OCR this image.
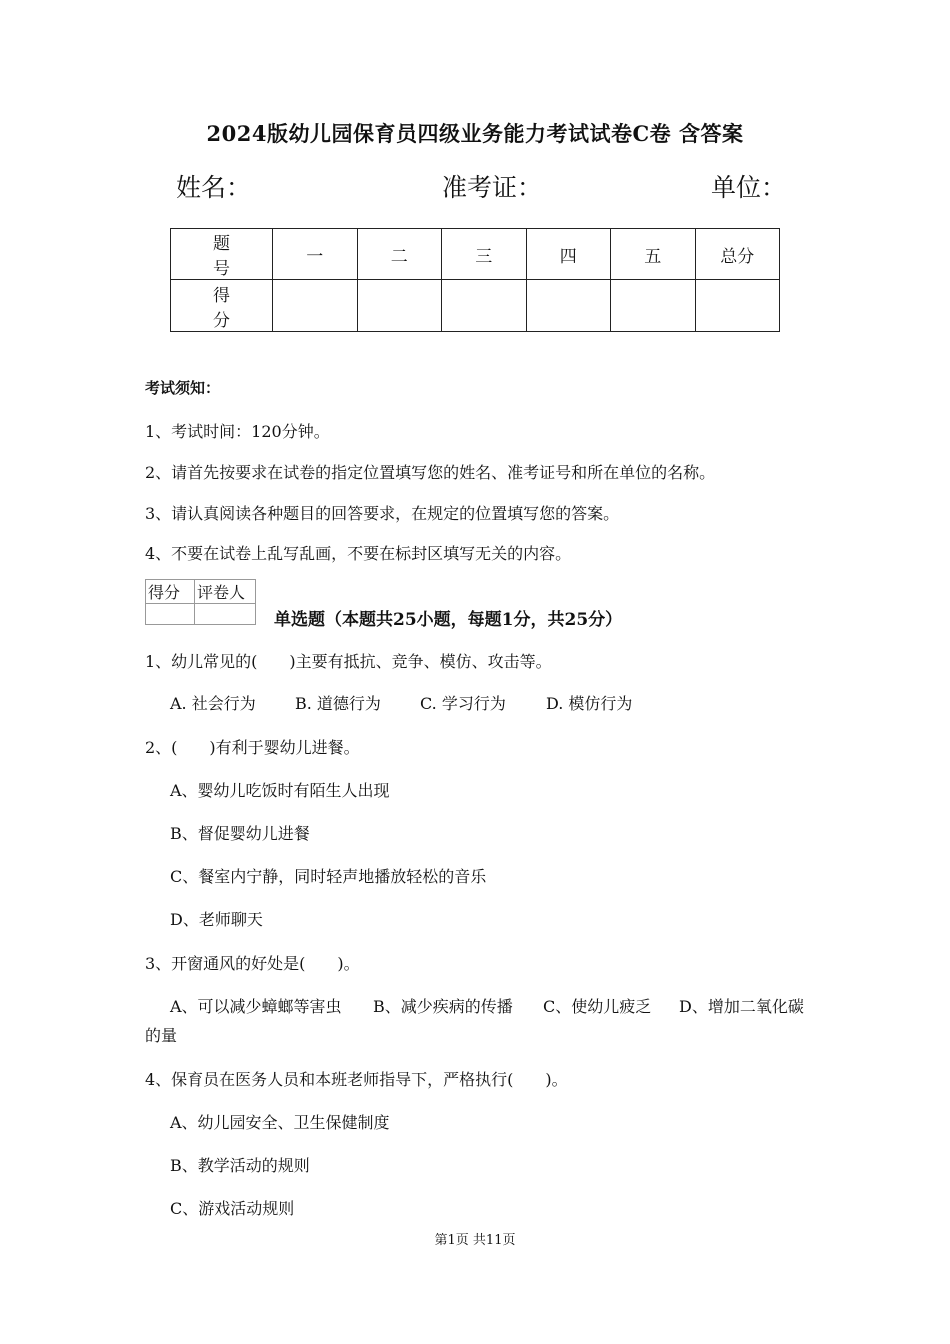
2024版幼儿园保育员四级业务能力考试试卷C卷 含答案
姓名：	准考证：	单位：
题　号	一	二	三	四	五	总分
得　分						
考试须知：
1、考试时间：120分钟。
2、请首先按要求在试卷的指定位置填写您的姓名、准考证号和所在单位的名称。
3、请认真阅读各种题目的回答要求，在规定的位置填写您的答案。
4、不要在试卷上乱写乱画，不要在标封区填写无关的内容。
得分	评卷人

单选题（本题共25小题，每题1分，共25分）
1、幼儿常见的(　　)主要有抵抗、竞争、模仿、攻击等。
A. 社会行为 B. 道德行为 C. 学习行为	D. 模仿行为
2、(　　)有利于婴幼儿进餐。
A、婴幼儿吃饭时有陌生人出现
B、督促婴幼儿进餐
C、餐室内宁静，同时轻声地播放轻松的音乐
D、老师聊天
3、开窗通风的好处是(　　)。
A、可以减少蟑螂等害虫 B、减少疾病的传播 C、使幼儿疲乏 D、增加二氧化碳
的量
4、保育员在医务人员和本班老师指导下，严格执行(　　)。
A、幼儿园安全、卫生保健制度
B、教学活动的规则
C、游戏活动规则
第1页 共11页
